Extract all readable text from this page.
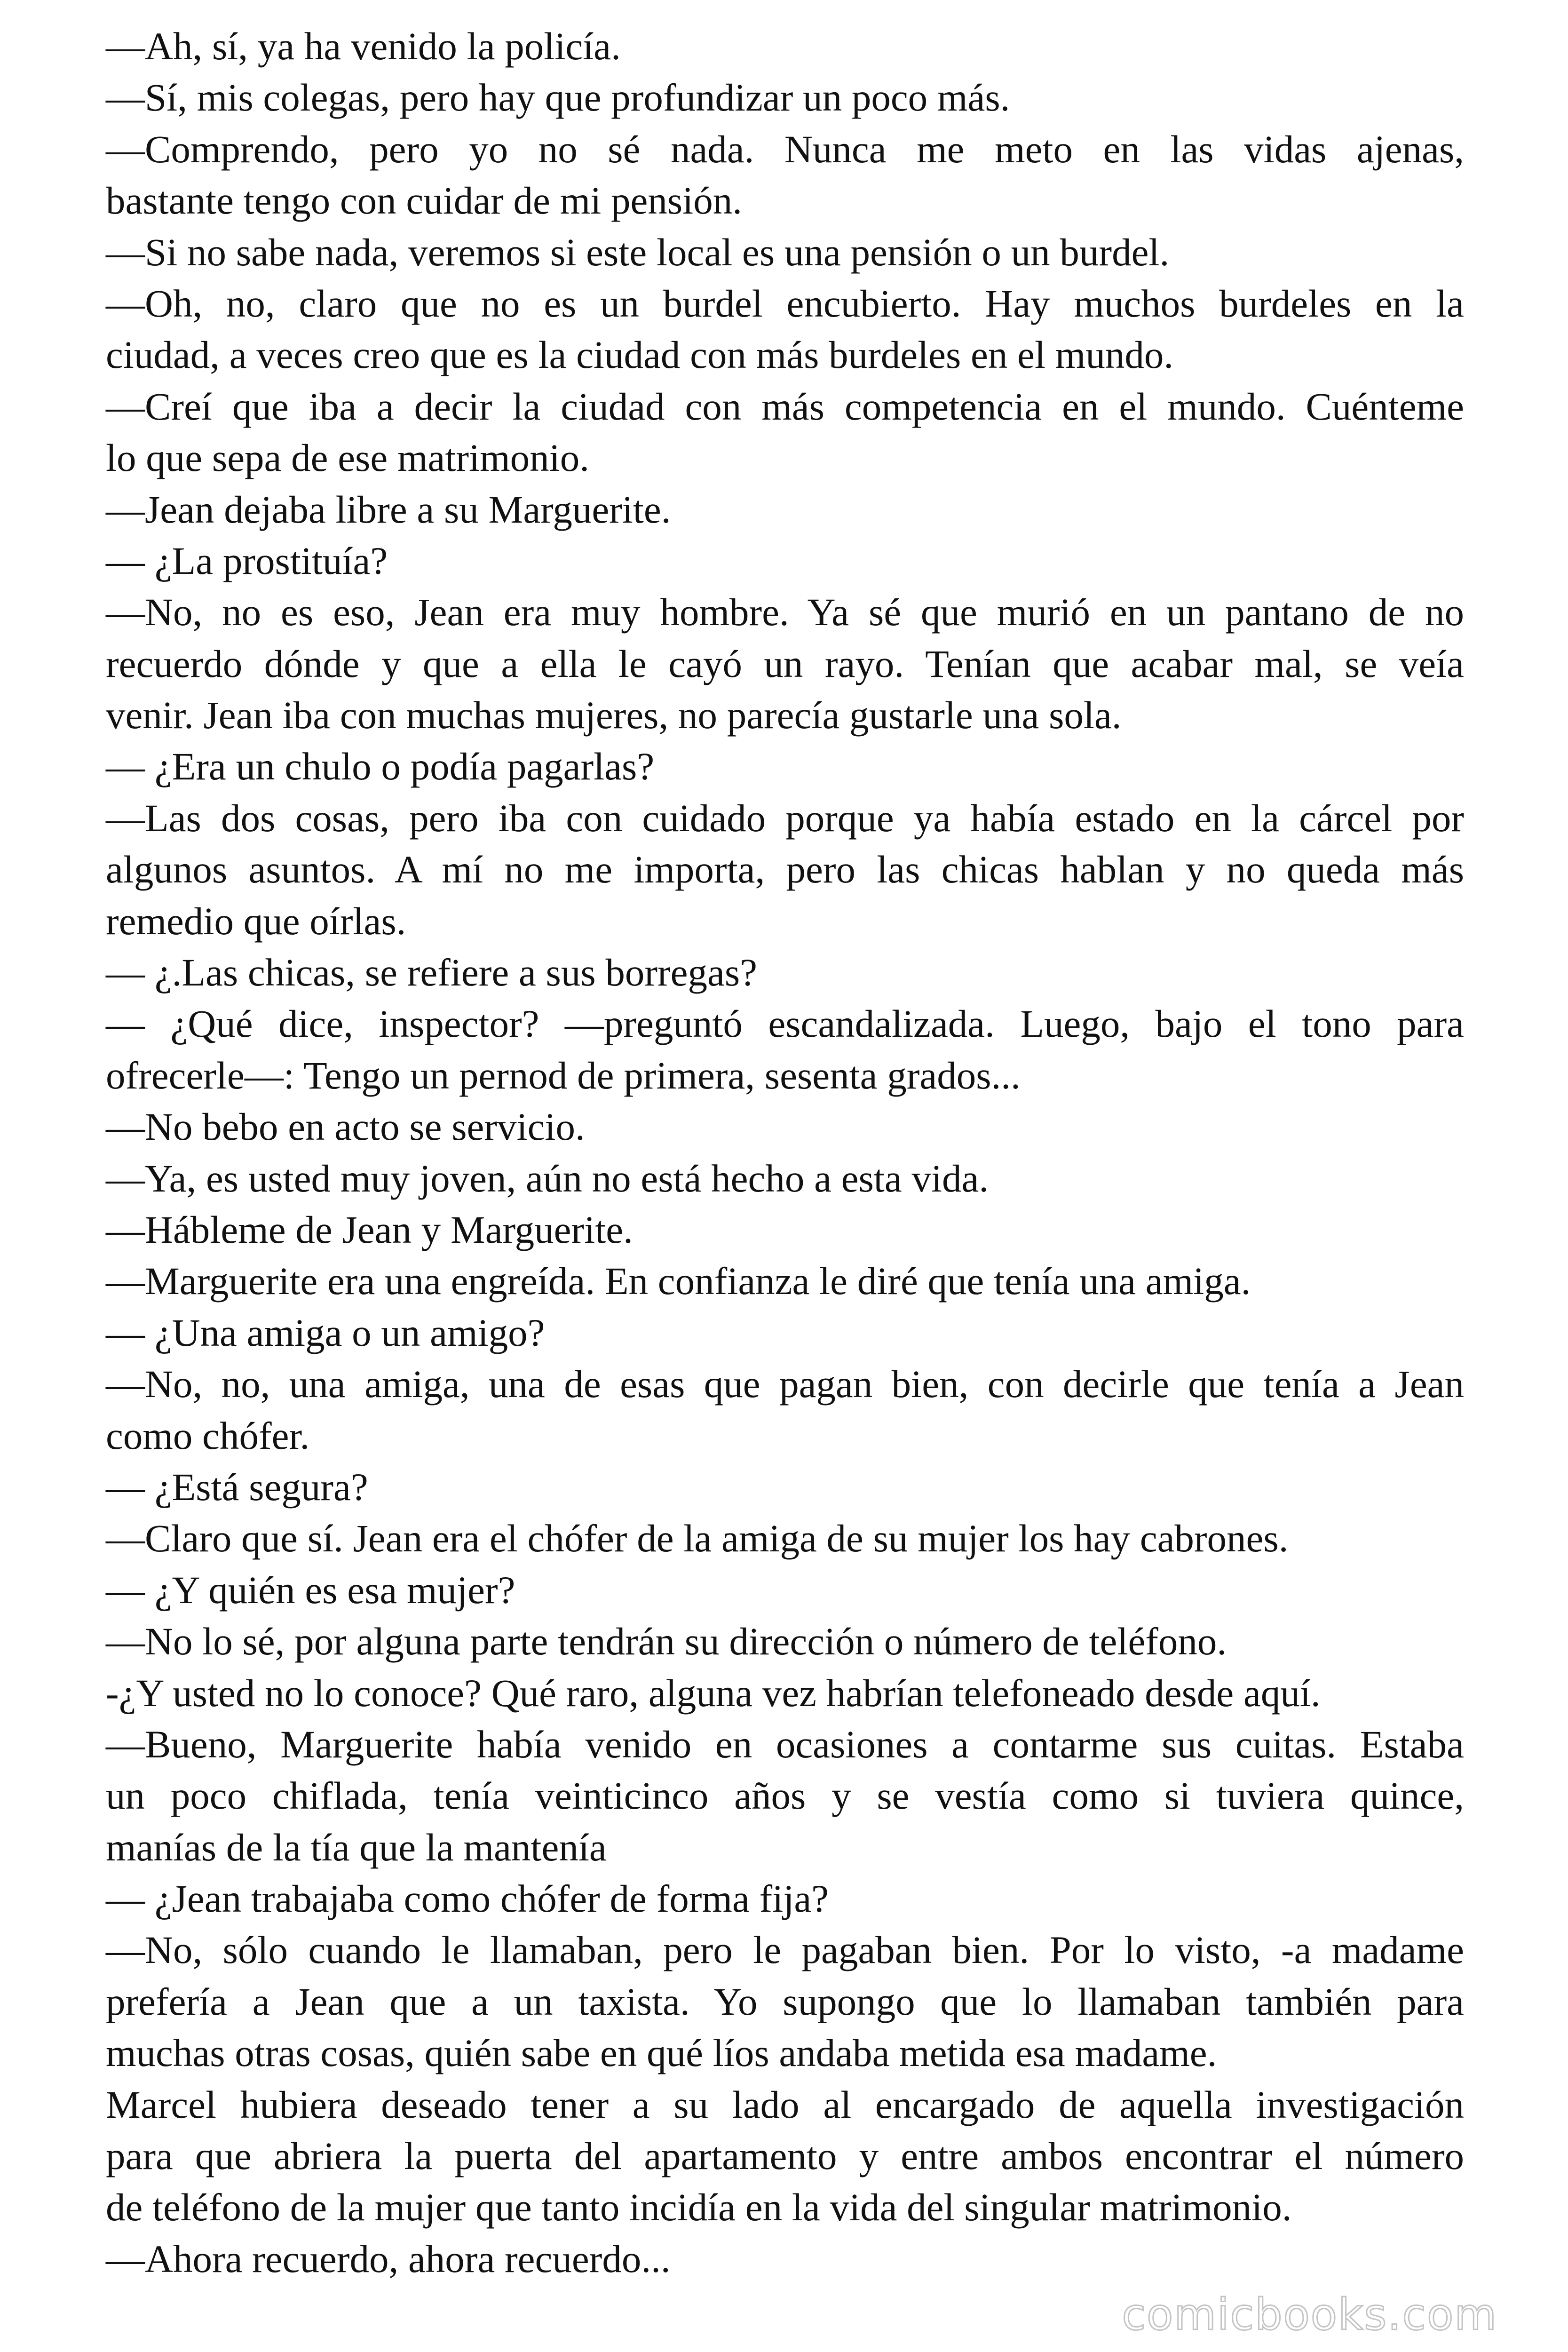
—Ah, sí, ya ha venido la policía.

—Sí, mis colegas, pero hay que profundizar un poco más.

—Comprendo, pero yo no sé nada. Nunca me meto en las vidas ajenas,

bastante tengo con cuidar de mi pensión.

—Si no sabe nada, veremos si este local es una pensión o un burdel.

—Oh, no, claro que no es un burdel encubierto. Hay muchos burdeles en la

ciudad, a veces creo que es la ciudad con más burdeles en el mundo.

—Creí que iba a decir la ciudad con más competencia en el mundo. Cuénteme

lo que sepa de ese matrimonio.

—Jean dejaba libre a su Marguerite.

— ¿La prostituía?

—No, no es eso, Jean era muy hombre. Ya sé que murió en un pantano de no

recuerdo dónde y que a ella le cayó un rayo. Tenían que acabar mal, se veía

venir. Jean iba con muchas mujeres, no parecía gustarle una sola.

— ¿Era un chulo o podía pagarlas?

—Las dos cosas, pero iba con cuidado porque ya había estado en la cárcel por

algunos asuntos. A mí no me importa, pero las chicas hablan y no queda más

remedio que oírlas.

— ¿.Las chicas, se refiere a sus borregas?

— ¿Qué dice, inspector? —preguntó escandalizada. Luego, bajo el tono para

ofrecerle—: Tengo un pernod de primera, sesenta grados...

—No bebo en acto se servicio.

—Ya, es usted muy joven, aún no está hecho a esta vida.

—Hábleme de Jean y Marguerite.

—Marguerite era una engreída. En confianza le diré que tenía una amiga.

— ¿Una amiga o un amigo?

—No, no, una amiga, una de esas que pagan bien, con decirle que tenía a Jean

como chófer.

— ¿Está segura?

—Claro que sí. Jean era el chófer de la amiga de su mujer los hay cabrones.

— ¿Y quién es esa mujer?

—No lo sé, por alguna parte tendrán su dirección o número de teléfono.

-¿Y usted no lo conoce? Qué raro, alguna vez habrían telefoneado desde aquí.

—Bueno, Marguerite había venido en ocasiones a contarme sus cuitas. Estaba

un poco chiflada, tenía veinticinco años y se vestía como si tuviera quince,

manías de la tía que la mantenía

— ¿Jean trabajaba como chófer de forma fija?

—No, sólo cuando le llamaban, pero le pagaban bien. Por lo visto, -a madame

prefería a Jean que a un taxista. Yo supongo que lo llamaban también para

muchas otras cosas, quién sabe en qué líos andaba metida esa madame.

Marcel hubiera deseado tener a su lado al encargado de aquella investigación

para que abriera la puerta del apartamento y entre ambos encontrar el número

de teléfono de la mujer que tanto incidía en la vida del singular matrimonio.

—Ahora recuerdo, ahora recuerdo...

comicbooks.com
